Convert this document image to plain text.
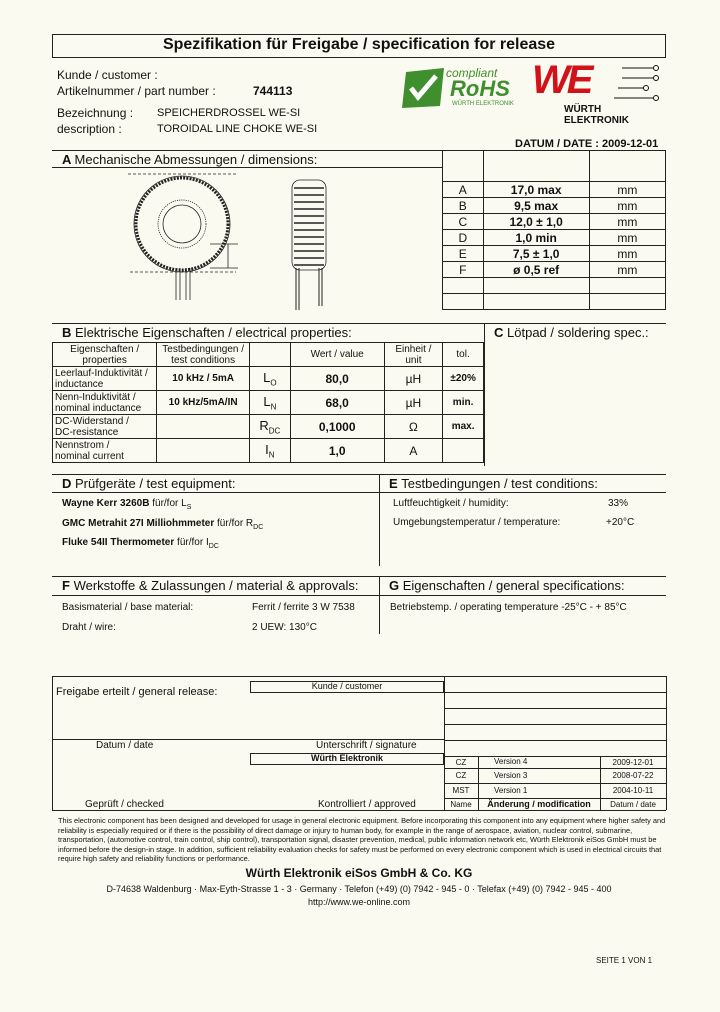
Spezifikation für Freigabe / specification for release
Kunde / customer :
Artikelnummer / part number :	744113
Bezeichnung : SPEICHERDROSSEL WE-SI
description :	TOROIDAL LINE CHOKE WE-SI
compliant
RoHS
WÜRTH ELEKTRONIK
WE
WÜRTH ELEKTRONIK
DATUM / DATE : 2009-12-01
A Mechanische Abmessungen / dimensions:

A	17,0 max	mm
B	9,5 max	mm
C	12,0 ± 1,0	mm
D	1,0 min	mm
E	7,5 ± 1,0	mm
F	ø 0,5 ref	mm

B Elektrische Eigenschaften / electrical properties:	C Lötpad / soldering spec.:
Eigenschaften /
properties	Testbedingungen /
test conditions		Wert / value	Einheit / unit	tol.
Leerlauf-Induktivität /
inductance	10 kHz / 5mA	$L_O$	80,0	µH	±20%
Nenn-Induktivität /
nominal inductance	10 kHz/5mA/IN	$L_N$	68,0	µH	min.
DC-Widerstand /
DC-resistance		$R_{DC}$	0,1000	Ω	max.
Nennstrom /
nominal current		$I_N$	1,0	A	
D Prüfgeräte / test equipment:	E Testbedingungen / test conditions:
Wayne Kerr 3260B für/for $L_S$
GMC Metrahit 27I Milliohmmeter für/for $R_{DC}$
Fluke 54II Thermometer für/for $I_{DC}$
Luftfeuchtigkeit / humidity:	33%
Umgebungstemperatur / temperature:	+20°C
F Werkstoffe & Zulassungen / material & approvals: G Eigenschaften / general specifications:
Basismaterial / base material:	Ferrit / ferrite 3 W 7538
Draht / wire:	2 UEW: 130°C
Betriebstemp. / operating temperature -25°C - + 85°C
Freigabe erteilt / general release:
Datum / date	Unterschrift / signature
Geprüft / checked	Kontrolliert / approved
Kunde / customer
Würth Elektronik	CZ	Version 4	2009-12-01
CZ	Version 3	2008-07-22
MST	Version 1	2004-10-11
Name	Änderung / modification	Datum / date
This electronic component has been designed and developed for usage in general electronic equipment. Before incorporating this component into any equipment where higher safety and reliability is especially required or if there is the possibility of direct damage or injury to human body, for example in the range of aerospace, aviation, nuclear control, submarine, transportation, (automotive control, train control, ship control), transportation signal, disaster prevention, medical, public information network etc, Würth Elektronik eiSos GmbH must be informed before the design-in stage. In addition, sufficient reliability evaluation checks for safety must be performed on every electronic component which is used in electrical circuits that require high safety and reliability functions or performance.
Würth Elektronik eiSos GmbH & Co. KG
D-74638 Waldenburg · Max-Eyth-Strasse 1 - 3 · Germany · Telefon (+49) (0) 7942 - 945 - 0 · Telefax (+49) (0) 7942 - 945 - 400
http://www.we-online.com
SEITE 1 VON 1
